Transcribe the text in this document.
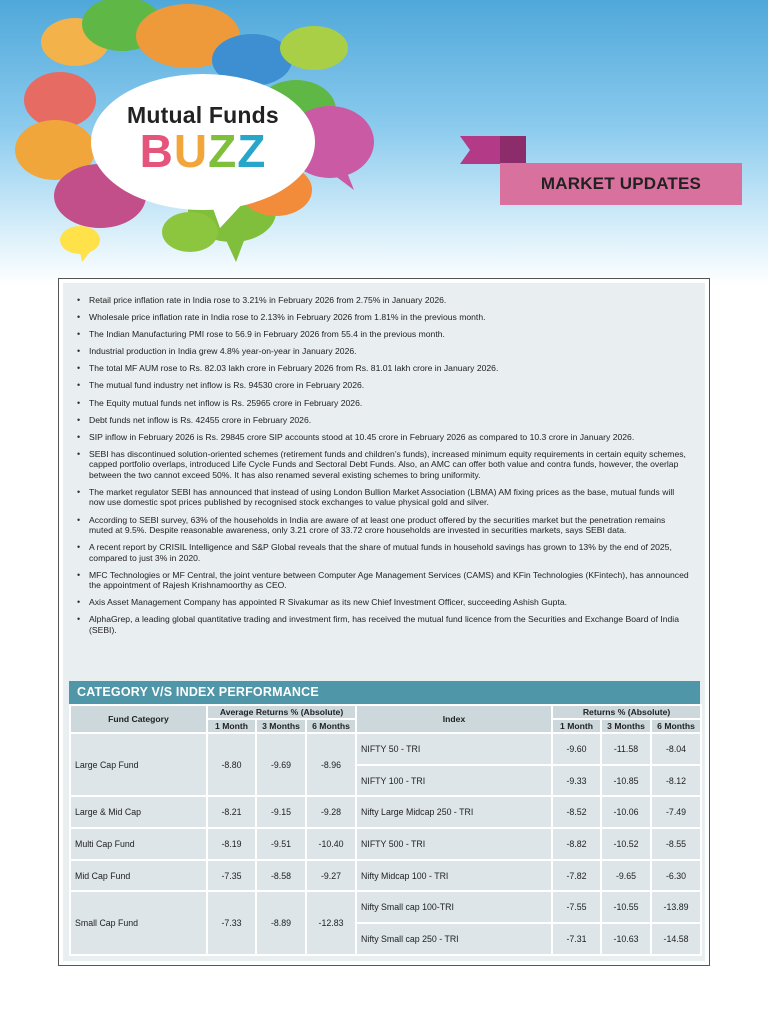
Mutual Funds
BUZZ
MARKET UPDATES
• Retail price inflation rate in India rose to 3.21% in February 2026 from 2.75% in January 2026.
• Wholesale price inflation rate in India rose to 2.13% in February 2026 from 1.81% in the previous month.
• The Indian Manufacturing PMI rose to 56.9 in February 2026 from 55.4 in the previous month.
• Industrial production in India grew 4.8% year-on-year in January 2026.
• The total MF AUM rose to Rs. 82.03 lakh crore in February 2026 from Rs. 81.01 lakh crore in January 2026.
• The mutual fund industry net inflow is Rs. 94530 crore in February 2026.
• The Equity mutual funds net inflow is Rs. 25965 crore in February 2026.
• Debt funds net inflow is Rs. 42455 crore in February 2026.
• SIP inflow in February 2026 is Rs. 29845 crore SIP accounts stood at 10.45 crore in February 2026 as compared to 10.3 crore in January 2026.
• SEBI has discontinued solution-oriented schemes (retirement funds and children’s funds), increased minimum equity requirements in certain equity schemes, capped portfolio overlaps, introduced Life Cycle Funds and Sectoral Debt Funds. Also, an AMC can offer both value and contra funds, however, the overlap between the two cannot exceed 50%. It has also renamed several existing schemes to bring uniformity.
• The market regulator SEBI has announced that instead of using London Bullion Market Association (LBMA) AM fixing prices as the base, mutual funds will now use domestic spot prices published by recognised stock exchanges to value physical gold and silver.
• According to SEBI survey, 63% of the households in India are aware of at least one product offered by the securities market but the penetration remains muted at 9.5%. Despite reasonable awareness, only 3.21 crore of 33.72 crore households are invested in securities markets, says SEBI data.
• A recent report by CRISIL Intelligence and S&P Global reveals that the share of mutual funds in household savings has grown to 13% by the end of 2025, compared to just 3% in 2020.
• MFC Technologies or MF Central, the joint venture between Computer Age Management Services (CAMS) and KFin Technologies (KFintech), has announced the appointment of Rajesh Krishnamoorthy as CEO.
• Axis Asset Management Company has appointed R Sivakumar as its new Chief Investment Officer, succeeding Ashish Gupta.
• AlphaGrep, a leading global quantitative trading and investment firm, has received the mutual fund licence from the Securities and Exchange Board of India (SEBI).
CATEGORY V/S INDEX PERFORMANCE
Fund Category	Average Returns % (Absolute)			Index	Returns % (Absolute)		
	1 Month	3 Months	6 Months		1 Month	3 Months	6 Months
Large Cap Fund	-8.80	-9.69	-8.96	NIFTY 50 - TRI	-9.60	-11.58	-8.04
				NIFTY 100 - TRI	-9.33	-10.85	-8.12
Large & Mid Cap	-8.21	-9.15	-9.28	Nifty Large Midcap 250 - TRI	-8.52	-10.06	-7.49
Multi Cap Fund	-8.19	-9.51	-10.40	NIFTY 500 - TRI	-8.82	-10.52	-8.55
Mid Cap Fund	-7.35	-8.58	-9.27	Nifty Midcap 100 - TRI	-7.82	-9.65	-6.30
Small Cap Fund	-7.33	-8.89	-12.83	Nifty Small cap 100-TRI	-7.55	-10.55	-13.89
				Nifty Small cap 250 - TRI	-7.31	-10.63	-14.58
